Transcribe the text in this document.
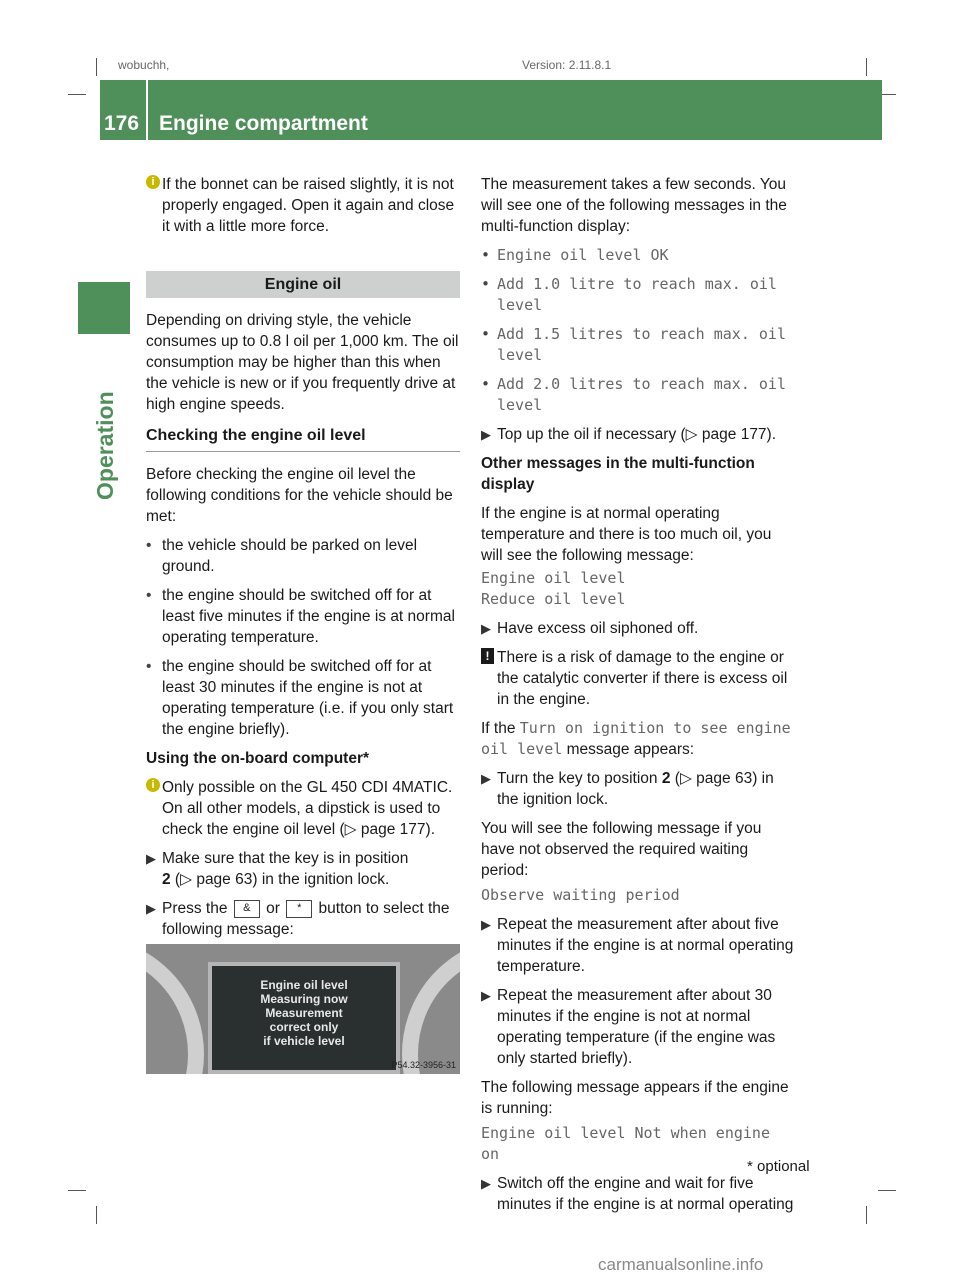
wobuchh,	Version: 2.11.8.1
176 Engine compartment
Operation
i If the bonnet can be raised slightly, it is not properly engaged. Open it again and close it with a little more force.
Engine oil
Depending on driving style, the vehicle consumes up to 0.8 l oil per 1,000 km. The oil consumption may be higher than this when the vehicle is new or if you frequently drive at high engine speeds.
Checking the engine oil level
Before checking the engine oil level the following conditions for the vehicle should be met:
• the vehicle should be parked on level ground.
• the engine should be switched off for at least five minutes if the engine is at normal operating temperature.
• the engine should be switched off for at least 30 minutes if the engine is not at operating temperature (i.e. if you only start the engine briefly).
Using the on-board computer*
i Only possible on the GL 450 CDI 4MATIC. On all other models, a dipstick is used to check the engine oil level (▷ page 177).
▶ Make sure that the key is in position
2 (▷ page 63) in the ignition lock.
▶ Press the & or * button to select the following message:
Engine oil level
Measuring now
Measurement
correct only
if vehicle level
P54.32-3956-31
The measurement takes a few seconds. You will see one of the following messages in the multi-function display:
• Engine oil level OK
• Add 1.0 litre to reach max. oil level
• Add 1.5 litres to reach max. oil level
• Add 2.0 litres to reach max. oil level
▶ Top up the oil if necessary (▷ page 177).
Other messages in the multi-function display
If the engine is at normal operating temperature and there is too much oil, you will see the following message:
Engine oil level
Reduce oil level
▶ Have excess oil siphoned off.
! There is a risk of damage to the engine or the catalytic converter if there is excess oil in the engine.
If the Turn on ignition to see engine oil level message appears:
▶ Turn the key to position 2 (▷ page 63) in the ignition lock.
You will see the following message if you have not observed the required waiting period:
Observe waiting period
▶ Repeat the measurement after about five minutes if the engine is at normal operating temperature.
▶ Repeat the measurement after about 30 minutes if the engine is not at normal operating temperature (if the engine was only started briefly).
The following message appears if the engine is running:
Engine oil level Not when engine on
▶ Switch off the engine and wait for five minutes if the engine is at normal operating
* optional
carmanualsonline.info
